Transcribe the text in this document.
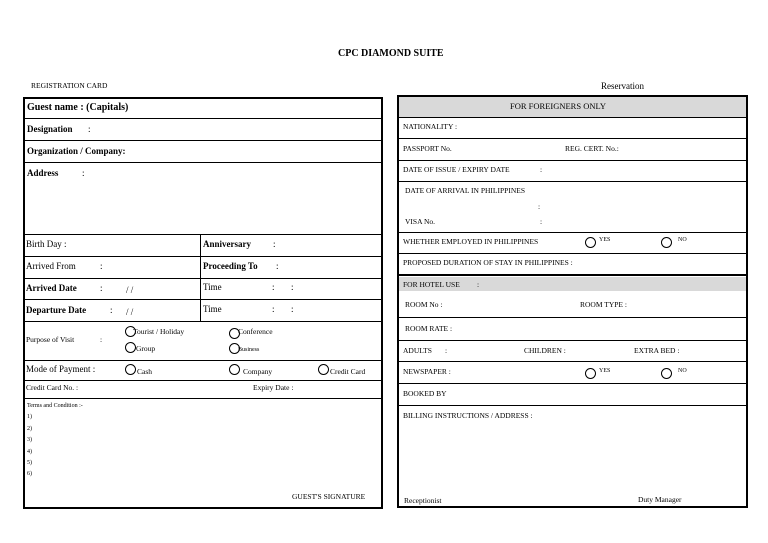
CPC DIAMOND SUITE
REGISTRATION CARD	Reservation
Guest name : (Capitals)
Designation :
Organization / Company:
Address	:
Birth Day :	Anniversary :
Arrived From	:	Proceeding To :
Arrived Date	:	/ /	Time	: :
Departure Date	: / /	Time	: :
Purpose of Visit	:
Tourist / Holiday	Conference
Group	Business
Mode of Payment :	Cash	Company	Credit Card
Credit Card No. :	Expiry Date :
Terms and Condition :-
1)
2)
3)
4)
5)
6)
GUEST'S SIGNATURE
FOR FOREIGNERS ONLY
NATIONALITY :
PASSPORT No.	REG. CERT. No.:
DATE OF ISSUE / EXPIRY DATE	:
DATE OF ARRIVAL IN PHILIPPINES
:
VISA No.	:
WHETHER EMPLOYED IN PHILIPPINES	YES	NO
PROPOSED DURATION OF STAY IN PHILIPPINES :
FOR HOTEL USE :
ROOM No :	ROOM TYPE :
ROOM RATE :
ADULTS :	CHILDREN :	EXTRA BED :
NEWSPAPER :	YES	NO
BOOKED BY
BILLING INSTRUCTIONS / ADDRESS :
Receptionist	Duty Manager
